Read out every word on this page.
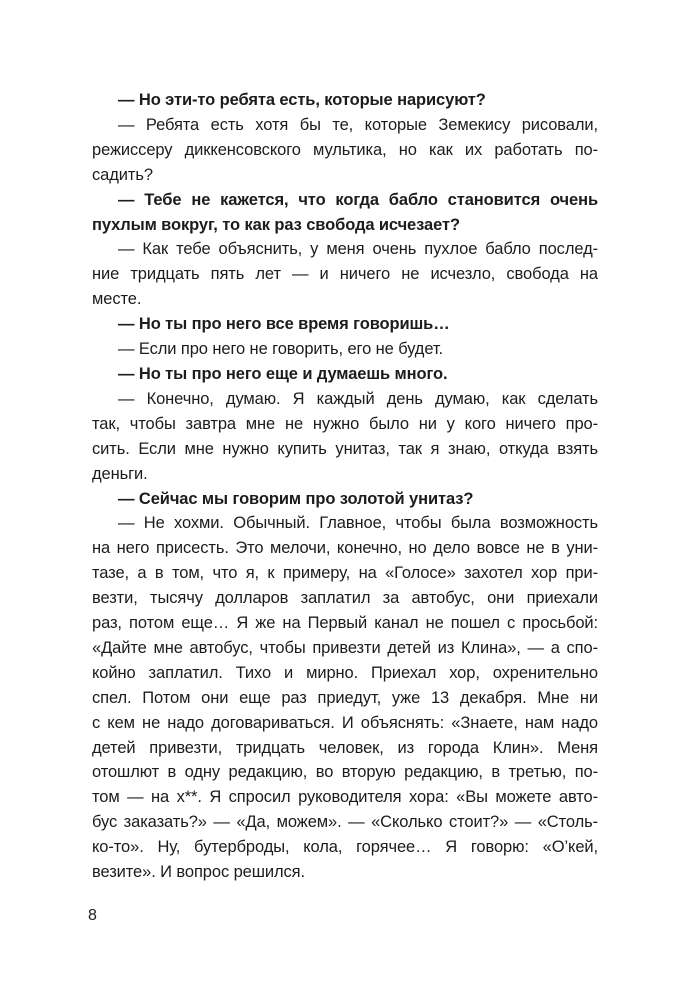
— Но эти-то ребята есть, которые нарисуют?

— Ребята есть хотя бы те, которые Земекису рисовали,
режиссеру диккенсовского мультика, но как их работать по-
садить?

— Тебе не кажется, что когда бабло становится очень
пухлым вокруг, то как раз свобода исчезает?

— Как тебе объяснить, у меня очень пухлое бабло послед-
ние тридцать пять лет — и ничего не исчезло, свобода на
месте.

— Но ты про него все время говоришь…

— Если про него не говорить, его не будет.

— Но ты про него еще и думаешь много.

— Конечно, думаю. Я каждый день думаю, как сделать
так, чтобы завтра мне не нужно было ни у кого ничего про-
сить. Если мне нужно купить унитаз, так я знаю, откуда взять
деньги.

— Сейчас мы говорим про золотой унитаз?

— Не хохми. Обычный. Главное, чтобы была возможность
на него присесть. Это мелочи, конечно, но дело вовсе не в уни-
тазе, а в том, что я, к примеру, на «Голосе» захотел хор при-
везти, тысячу долларов заплатил за автобус, они приехали
раз, потом еще… Я же на Первый канал не пошел с просьбой:
«Дайте мне автобус, чтобы привезти детей из Клина», — а спо-
койно заплатил. Тихо и мирно. Приехал хор, охренительно
спел. Потом они еще раз приедут, уже 13 декабря. Мне ни
с кем не надо договариваться. И объяснять: «Знаете, нам надо
детей привезти, тридцать человек, из города Клин». Меня
отошлют в одну редакцию, во вторую редакцию, в третью, по-
том — на х**. Я спросил руководителя хора: «Вы можете авто-
бус заказать?» — «Да, можем». — «Сколько стоит?» — «Столь-
ко-то». Ну, бутерброды, кола, горячее… Я говорю: «О’кей,
везите». И вопрос решился.

8
